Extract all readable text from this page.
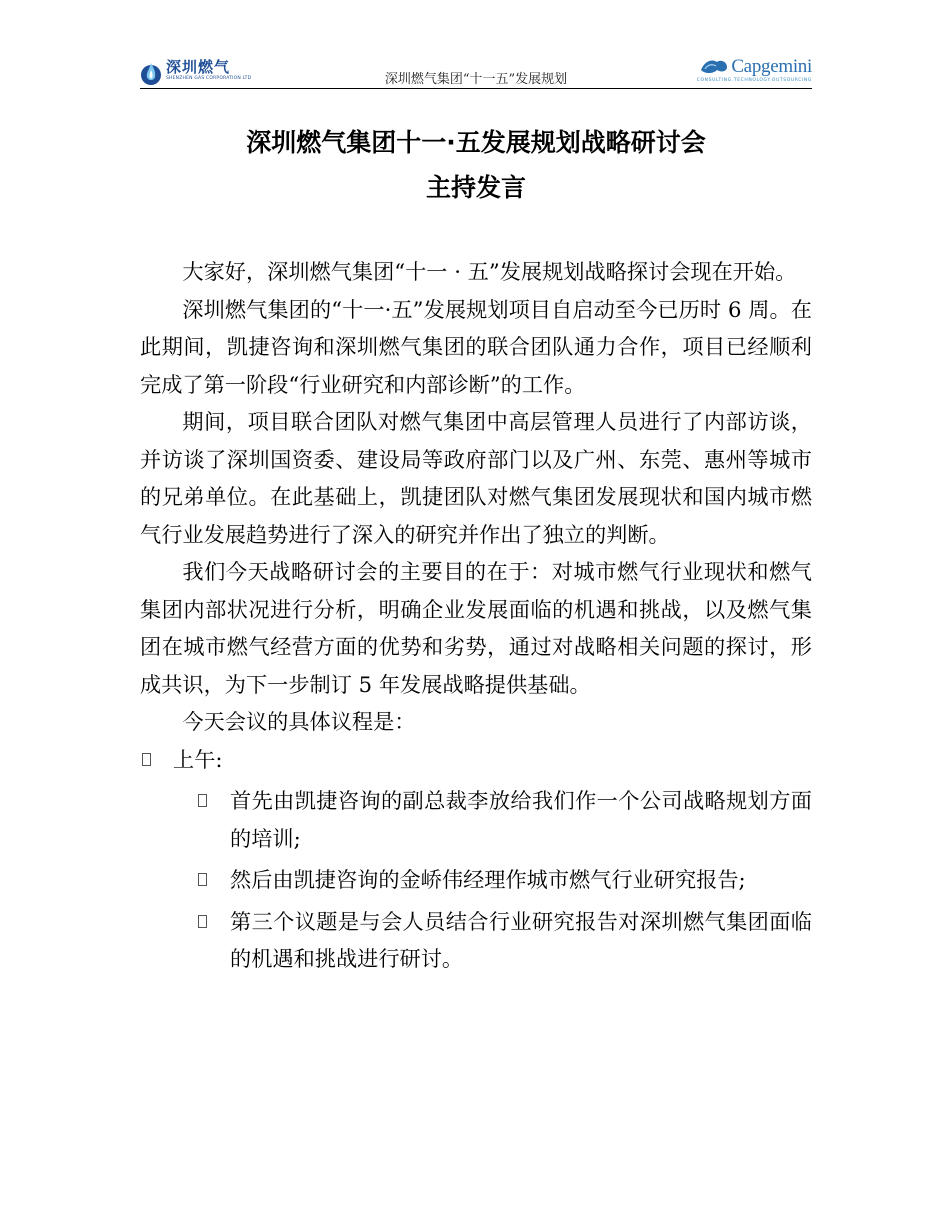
深圳燃气
SHENZHEN GAS CORPORATION LTD	深圳燃气集团“十一五”发展规划
Capgemini
CONSULTING.TECHNOLOGY.OUTSOURCING
深圳燃气集团十一·五发展规划战略研讨会
主持发言

大家好，深圳燃气集团“十一 · 五”发展规划战略探讨会现在开始。

深圳燃气集团的“十一·五”发展规划项目自启动至今已历时 6 周。在此期间，凯捷咨询和深圳燃气集团的联合团队通力合作，项目已经顺利完成了第一阶段“行业研究和内部诊断”的工作。

期间，项目联合团队对燃气集团中高层管理人员进行了内部访谈，并访谈了深圳国资委、建设局等政府部门以及广州、东莞、惠州等城市的兄弟单位。在此基础上，凯捷团队对燃气集团发展现状和国内城市燃气行业发展趋势进行了深入的研究并作出了独立的判断。

我们今天战略研讨会的主要目的在于：对城市燃气行业现状和燃气集团内部状况进行分析，明确企业发展面临的机遇和挑战，以及燃气集团在城市燃气经营方面的优势和劣势，通过对战略相关问题的探讨，形成共识，为下一步制订 5 年发展战略提供基础。

今天会议的具体议程是：

上午:
首先由凯捷咨询的副总裁李放给我们作一个公司战略规划方面的培训;
然后由凯捷咨询的金峤伟经理作城市燃气行业研究报告;
第三个议题是与会人员结合行业研究报告对深圳燃气集团面临的机遇和挑战进行研讨。
